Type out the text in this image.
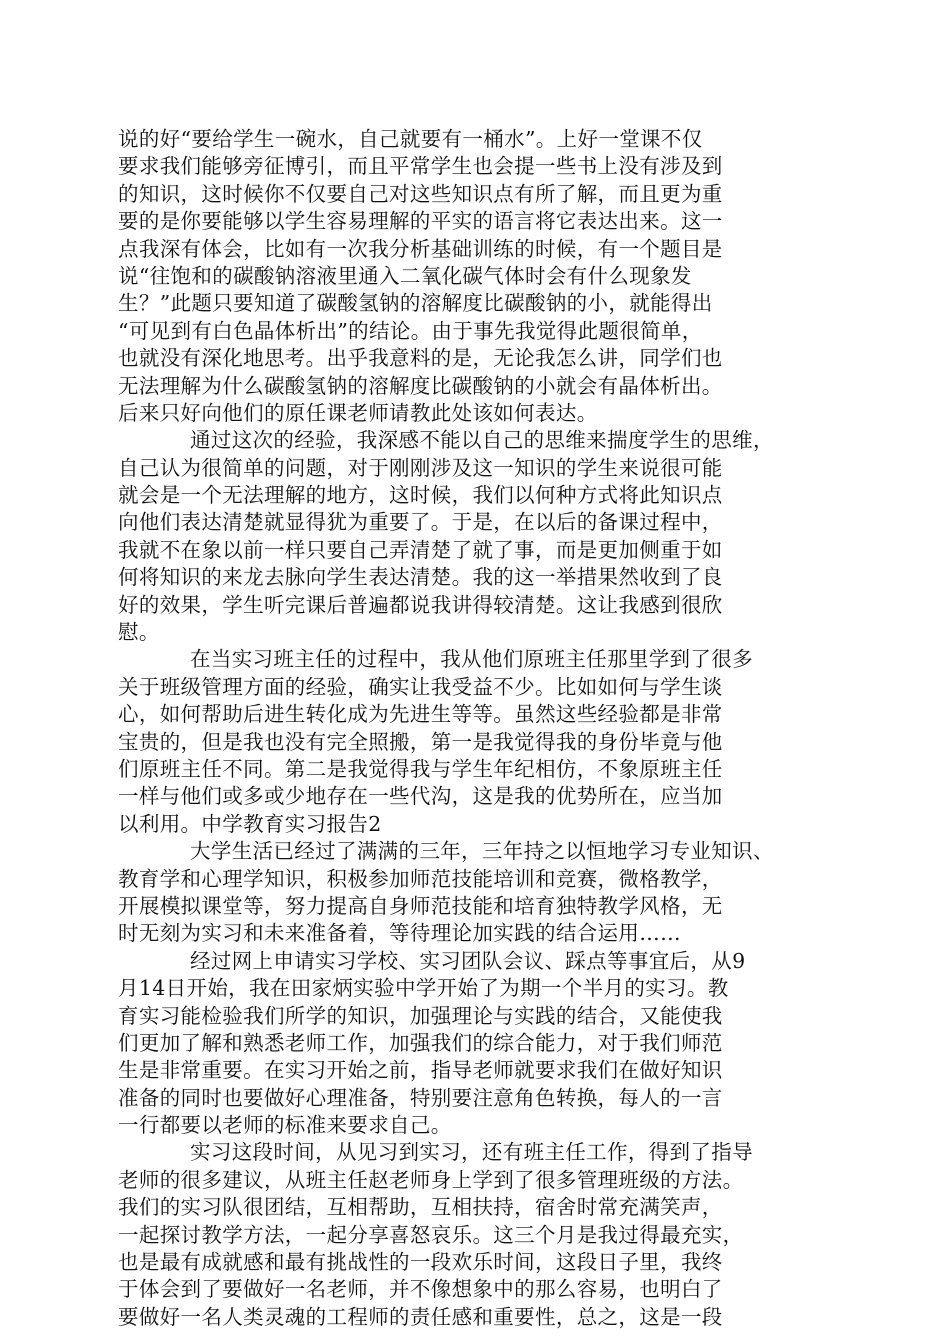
说的好“要给学生一碗水，自己就要有一桶水”。上好一堂课不仅
要求我们能够旁征博引，而且平常学生也会提一些书上没有涉及到
的知识，这时候你不仅要自己对这些知识点有所了解，而且更为重
要的是你要能够以学生容易理解的平实的语言将它表达出来。这一
点我深有体会，比如有一次我分析基础训练的时候，有一个题目是
说“往饱和的碳酸钠溶液里通入二氧化碳气体时会有什么现象发
生？”此题只要知道了碳酸氢钠的溶解度比碳酸钠的小，就能得出
“可见到有白色晶体析出”的结论。由于事先我觉得此题很简单，
也就没有深化地思考。出乎我意料的是，无论我怎么讲，同学们也
无法理解为什么碳酸氢钠的溶解度比碳酸钠的小就会有晶体析出。
后来只好向他们的原任课老师请教此处该如何表达。
通过这次的经验，我深感不能以自己的思维来揣度学生的思维，
自己认为很简单的问题，对于刚刚涉及这一知识的学生来说很可能
就会是一个无法理解的地方，这时候，我们以何种方式将此知识点
向他们表达清楚就显得犹为重要了。于是，在以后的备课过程中，
我就不在象以前一样只要自己弄清楚了就了事，而是更加侧重于如
何将知识的来龙去脉向学生表达清楚。我的这一举措果然收到了良
好的效果，学生听完课后普遍都说我讲得较清楚。这让我感到很欣
慰。
在当实习班主任的过程中，我从他们原班主任那里学到了很多
关于班级管理方面的经验，确实让我受益不少。比如如何与学生谈
心，如何帮助后进生转化成为先进生等等。虽然这些经验都是非常
宝贵的，但是我也没有完全照搬，第一是我觉得我的身份毕竟与他
们原班主任不同。第二是我觉得我与学生年纪相仿，不象原班主任
一样与他们或多或少地存在一些代沟，这是我的优势所在，应当加
以利用。中学教育实习报告2
大学生活已经过了满满的三年，三年持之以恒地学习专业知识、
教育学和心理学知识，积极参加师范技能培训和竞赛，微格教学，
开展模拟课堂等，努力提高自身师范技能和培育独特教学风格，无
时无刻为实习和未来准备着，等待理论加实践的结合运用……
经过网上申请实习学校、实习团队会议、踩点等事宜后，从9
月14日开始，我在田家炳实验中学开始了为期一个半月的实习。教
育实习能检验我们所学的知识，加强理论与实践的结合，又能使我
们更加了解和熟悉老师工作，加强我们的综合能力，对于我们师范
生是非常重要。在实习开始之前，指导老师就要求我们在做好知识
准备的同时也要做好心理准备，特别要注意角色转换，每人的一言
一行都要以老师的标准来要求自己。
实习这段时间，从见习到实习，还有班主任工作，得到了指导
老师的很多建议，从班主任赵老师身上学到了很多管理班级的方法。
我们的实习队很团结，互相帮助，互相扶持，宿舍时常充满笑声，
一起探讨教学方法，一起分享喜怒哀乐。这三个月是我过得最充实，
也是最有成就感和最有挑战性的一段欢乐时间，这段日子里，我终
于体会到了要做好一名老师，并不像想象中的那么容易，也明白了
要做好一名人类灵魂的工程师的责任感和重要性，总之，这是一段
